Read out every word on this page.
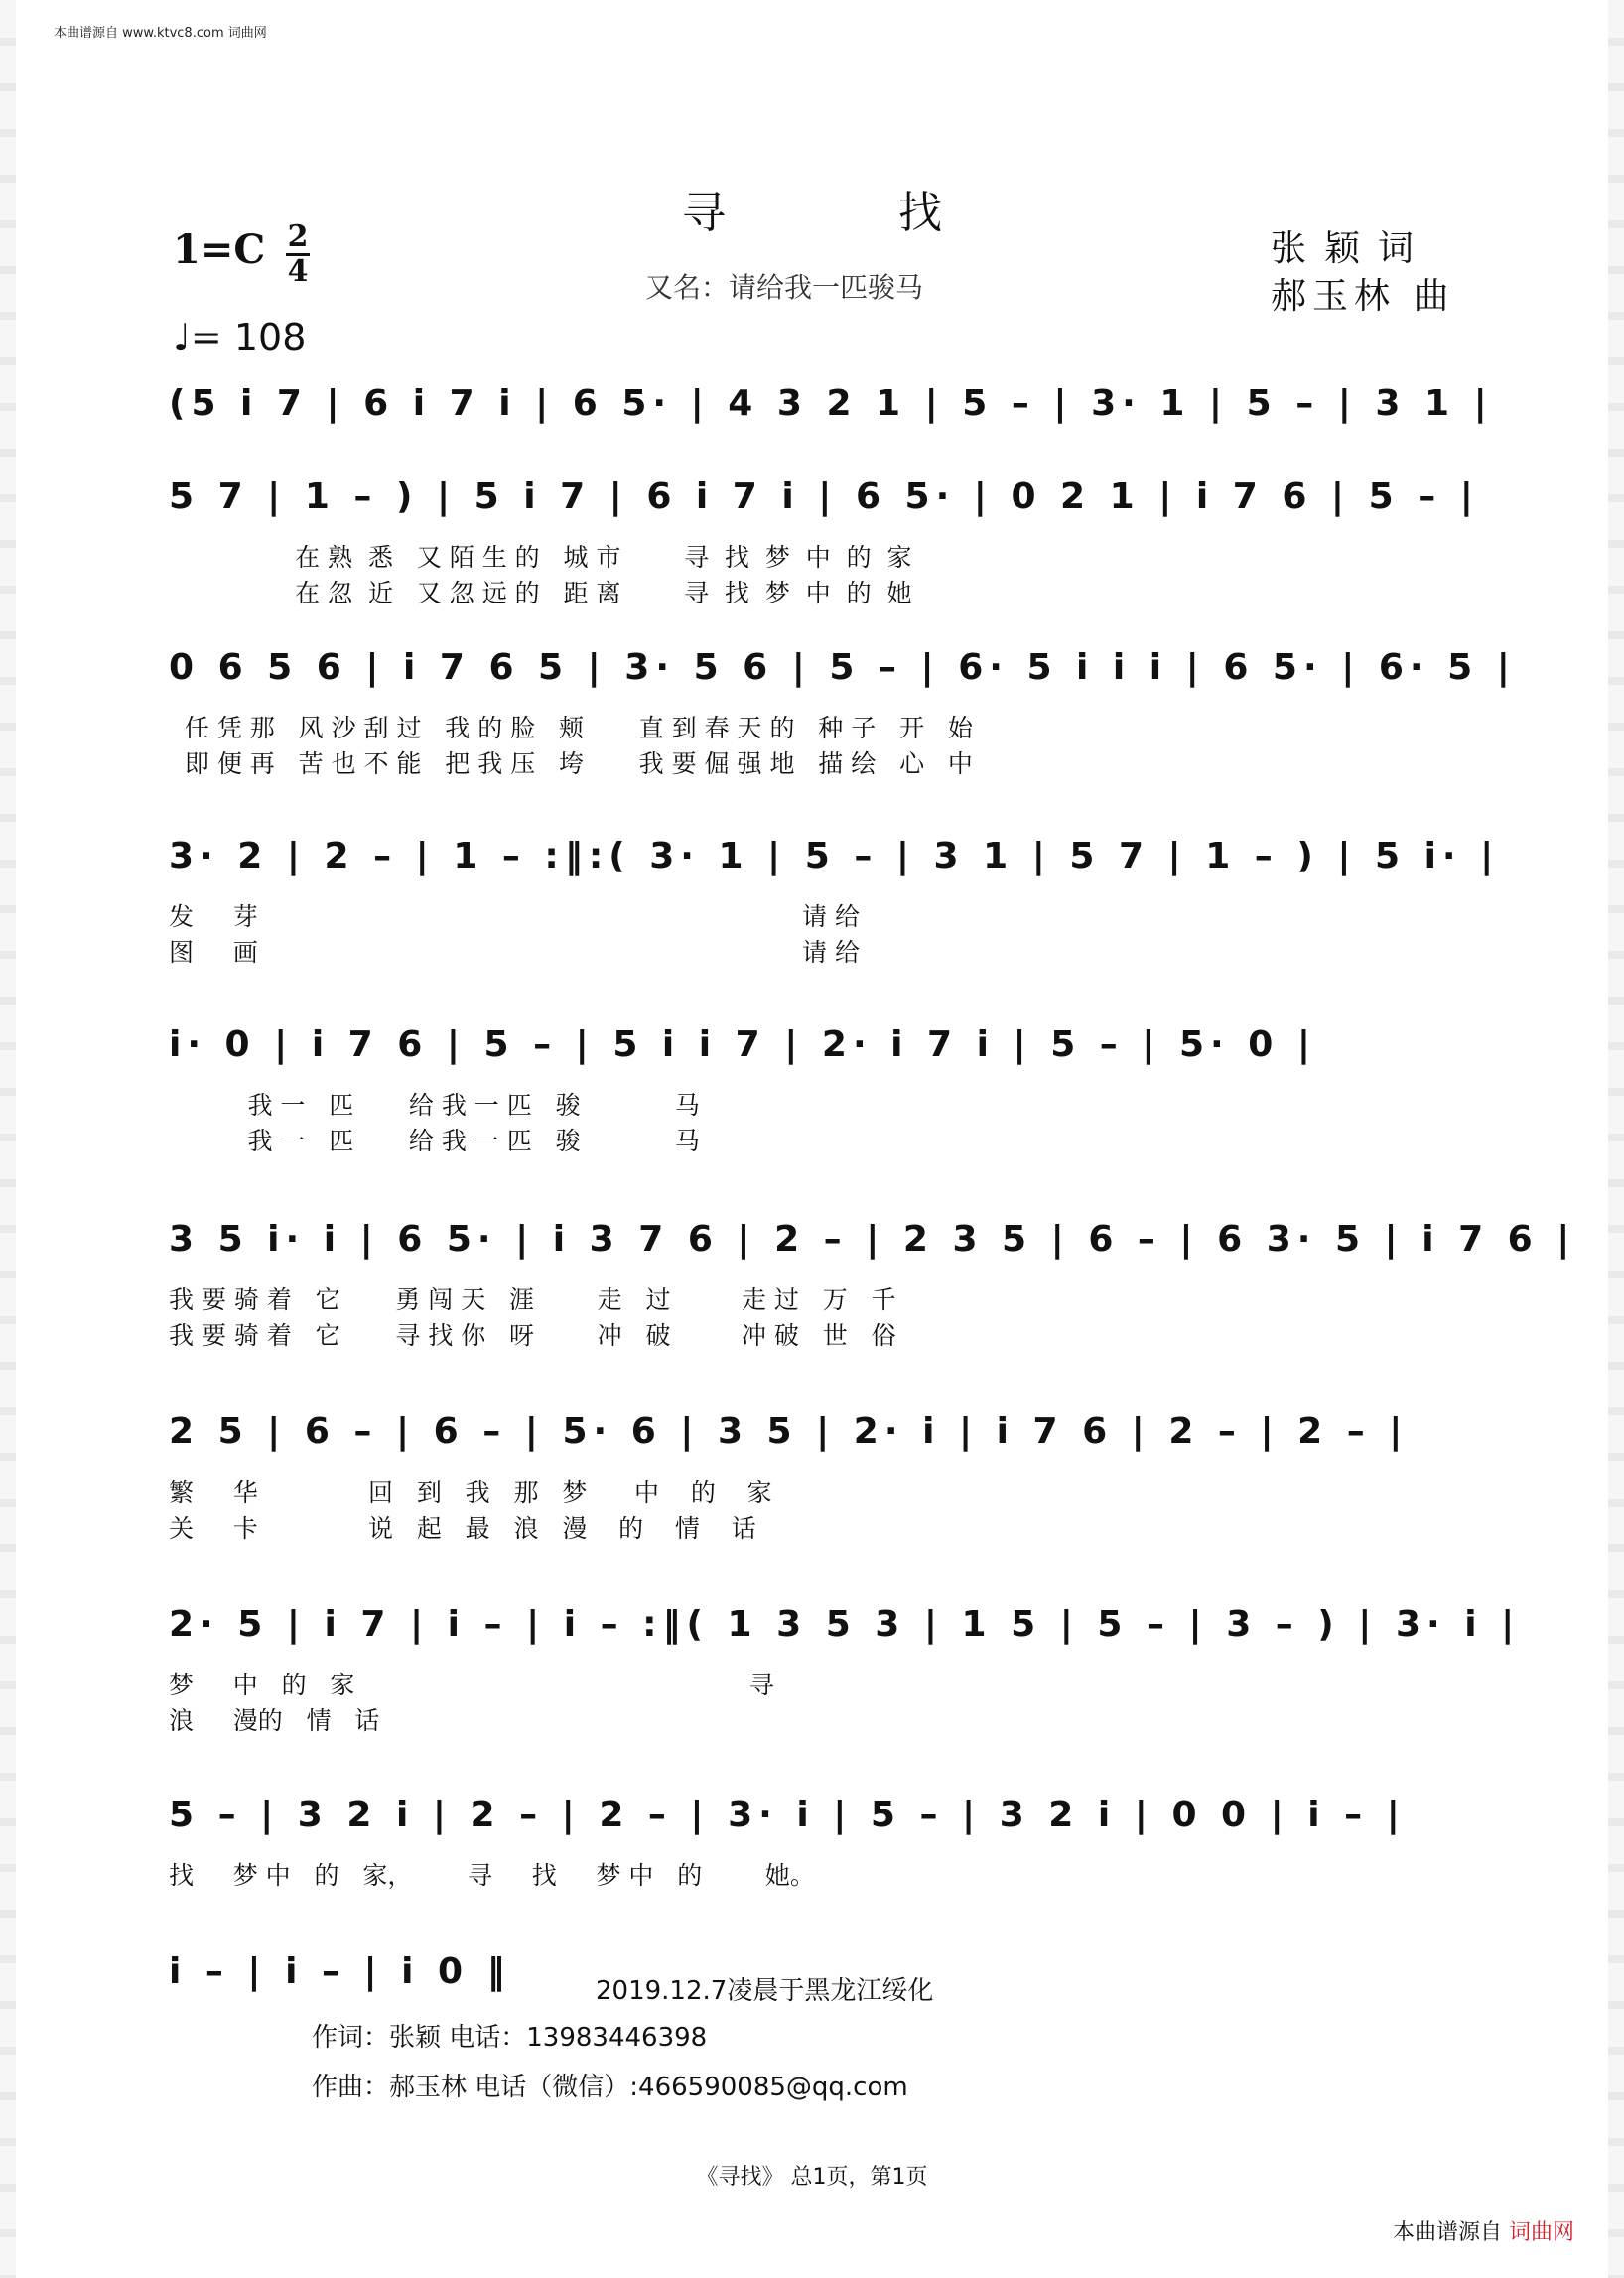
本曲谱源自 www.ktvc8.com 词曲网
寻 找
又名：请给我一匹骏马
1=C 2
4
♩= 108
张颖词
郝玉林 曲
(5 i 7 | 6 i 7 i | 6 5· | 4 3 2 1 | 5 – | 3· 1 | 5 – | 3 1 |
5 7 | 1 – ) | 5 i 7 | 6 i 7 i | 6 5· | 0 2 1 | i 7 6 | 5 – |
在 熟  悉   又 陌 生 的   城 市        寻  找  梦  中  的  家
在 忽  近   又 忽 远 的   距 离        寻  找  梦  中  的  她
0 6 5 6 | i 7 6 5 | 3· 5 6 | 5 – | 6· 5 i i i | 6 5· | 6· 5 |
任 凭 那   风 沙 刮 过   我 的 脸   颊       直 到 春 天 的   种 子   开   始
即 便 再   苦 也 不 能   把 我 压   垮       我 要 倔 强 地   描 绘   心   中
3· 2 | 2 – | 1 – :‖:( 3· 1 | 5 – | 3 1 | 5 7 | 1 – ) | 5 i· |
发     芽                                                                     请 给
图     画                                                                     请 给
i· 0 | i 7 6 | 5 – | 5 i i 7 | 2· i 7 i | 5 – | 5· 0 |
我 一   匹       给 我 一 匹   骏            马
我 一   匹       给 我 一 匹   骏            马
3 5 i· i | 6 5· | i 3 7 6 | 2 – | 2 3 5 | 6 – | 6 3· 5 | i 7 6 |
我 要 骑 着   它       勇 闯 天   涯        走   过         走 过   万   千
我 要 骑 着   它       寻 找 你   呀        冲   破         冲 破   世   俗
2 5 | 6 – | 6 – | 5· 6 | 3 5 | 2· i | i 7 6 | 2 – | 2 – |
繁     华              回   到   我   那   梦      中    的    家
关     卡              说   起   最   浪   漫    的    情    话
2· 5 | i 7 | i – | i – :‖( 1 3 5 3 | 1 5 | 5 – | 3 – ) | 3· i |
梦     中   的   家                                                  寻
浪     漫的   情   话
5 – | 3 2 i | 2 – | 2 – | 3· i | 5 – | 3 2 i | 0 0 | i – |
找     梦 中   的   家，       寻     找     梦 中   的        她。
i – | i – | i 0 ‖	2019.12.7凌晨于黑龙江绥化
作词：张颖 电话：13983446398
作曲：郝玉林 电话（微信）:466590085@qq.com
《寻找》 总1页，第1页
本曲谱源自 词曲网
